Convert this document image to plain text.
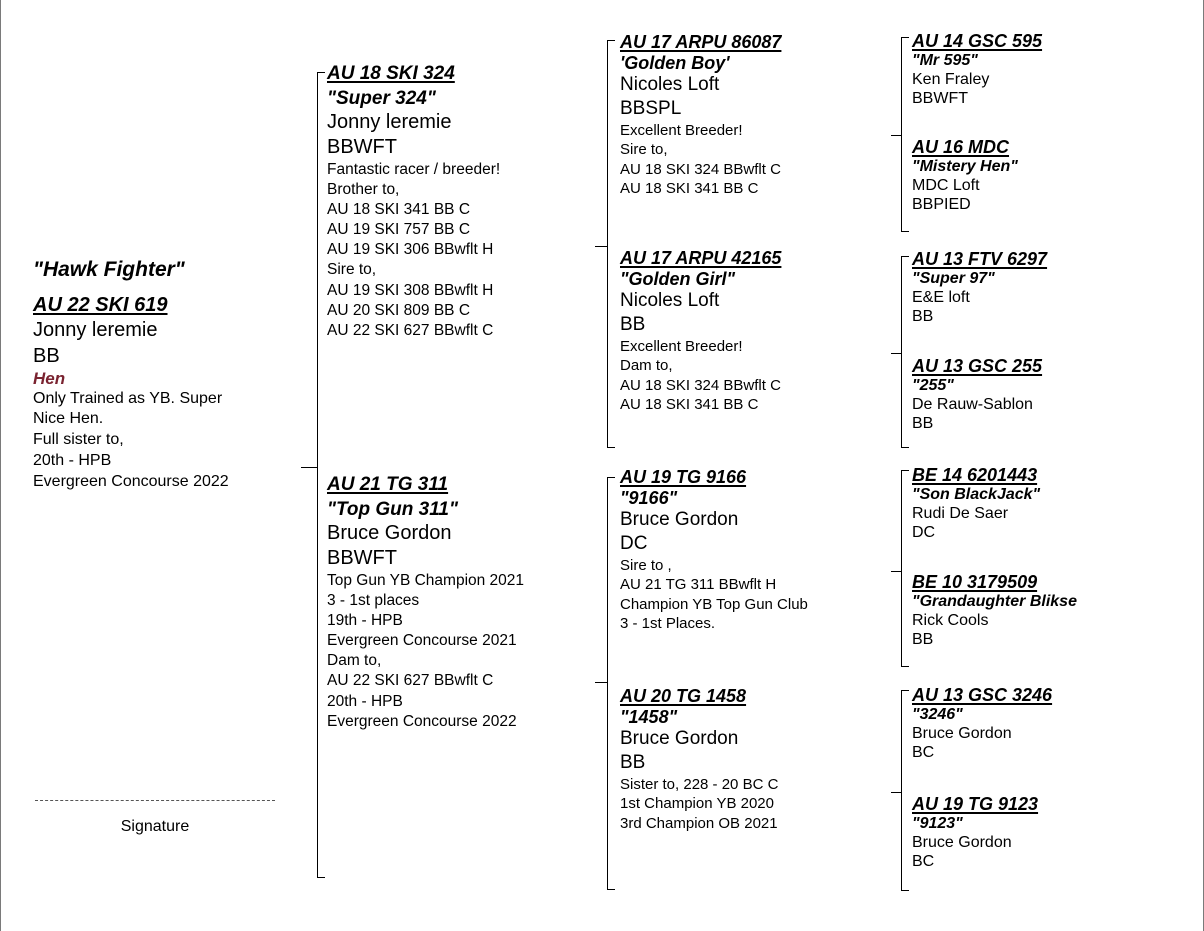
"Hawk Fighter"
AU 22 SKI 619
Jonny leremie
BB
Hen
Only Trained as YB. Super
Nice Hen.
Full sister to,
20th - HPB
Evergreen Concourse 2022
Signature
AU 18 SKI 324
"Super 324"
Jonny leremie
BBWFT
Fantastic racer / breeder!
Brother to,
AU 18 SKI 341 BB C
AU 19 SKI 757 BB C
AU 19 SKI 306 BBwflt H
Sire to,
AU 19 SKI 308 BBwflt H
AU 20 SKI 809 BB C
AU 22 SKI 627 BBwflt C
AU 21 TG 311
"Top Gun 311"
Bruce Gordon
BBWFT
Top Gun YB Champion 2021
3 - 1st places
19th - HPB
Evergreen Concourse 2021
Dam to,
AU 22 SKI 627 BBwflt C
20th - HPB
Evergreen Concourse 2022
AU 17 ARPU 86087
'Golden Boy'
Nicoles Loft
BBSPL
Excellent Breeder!
Sire to,
AU 18 SKI 324 BBwflt C
AU 18 SKI 341 BB C
AU 17 ARPU 42165
"Golden Girl"
Nicoles Loft
BB
Excellent Breeder!
Dam to,
AU 18 SKI 324 BBwflt C
AU 18 SKI 341 BB C
AU 19 TG 9166
"9166"
Bruce Gordon
DC
Sire to ,
AU 21 TG 311 BBwflt H
Champion YB Top Gun Club
3 - 1st Places.
AU 20 TG 1458
"1458"
Bruce Gordon
BB
Sister to, 228 - 20 BC C
1st Champion YB 2020
3rd Champion OB 2021
AU 14 GSC 595
"Mr 595"
Ken Fraley
BBWFT
AU 16 MDC
"Mistery Hen"
MDC Loft
BBPIED
AU 13 FTV 6297
"Super 97"
E&E loft
BB
AU 13 GSC 255
"255"
De Rauw-Sablon
BB
BE 14 6201443
"Son BlackJack"
Rudi De Saer
DC
BE 10 3179509
"Grandaughter Blikse
Rick Cools
BB
AU 13 GSC 3246
"3246"
Bruce Gordon
BC
AU 19 TG 9123
"9123"
Bruce Gordon
BC
